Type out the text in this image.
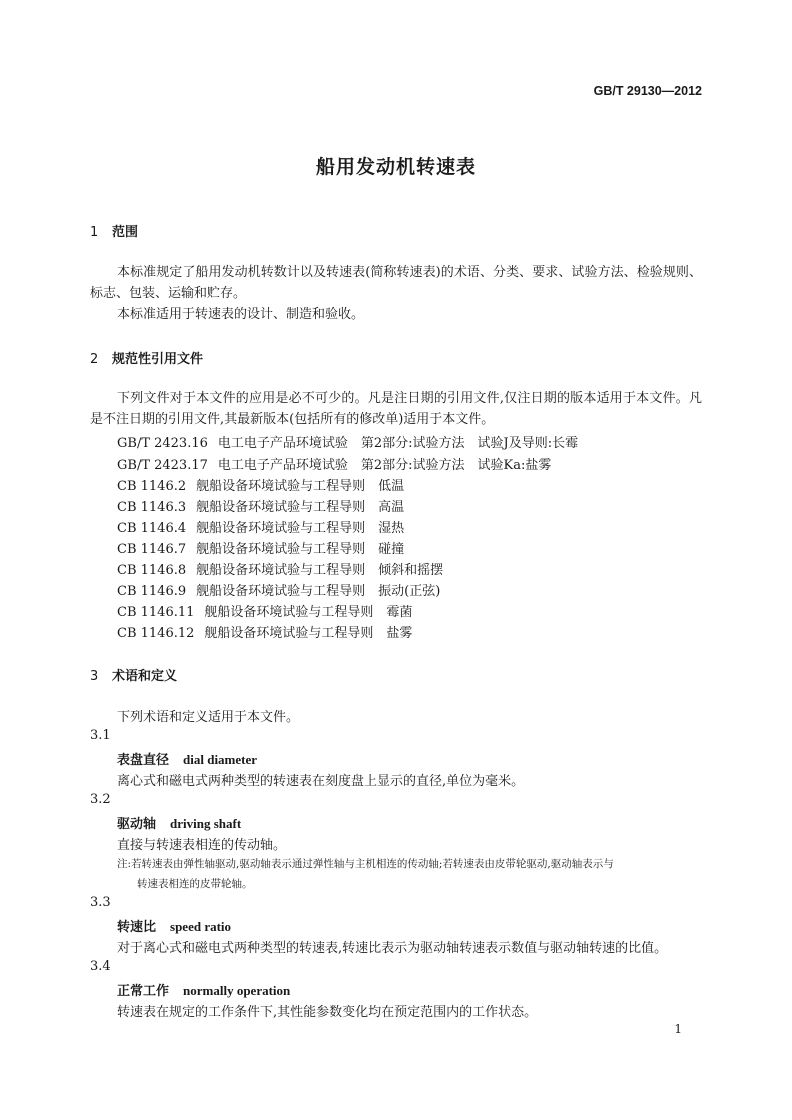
GB/T 29130—2012
船用发动机转速表
1 范围
本标准规定了船用发动机转数计以及转速表(简称转速表)的术语、分类、要求、试验方法、检验规则、标志、包装、运输和贮存。
本标准适用于转速表的设计、制造和验收。
2 规范性引用文件
下列文件对于本文件的应用是必不可少的。凡是注日期的引用文件,仅注日期的版本适用于本文件。凡是不注日期的引用文件,其最新版本(包括所有的修改单)适用于本文件。
GB/T 2423.16 电工电子产品环境试验　第2部分:试验方法　试验J及导则:长霉
GB/T 2423.17 电工电子产品环境试验　第2部分:试验方法　试验Ka:盐雾
CB 1146.2 舰船设备环境试验与工程导则　低温
CB 1146.3 舰船设备环境试验与工程导则　高温
CB 1146.4 舰船设备环境试验与工程导则　湿热
CB 1146.7 舰船设备环境试验与工程导则　碰撞
CB 1146.8 舰船设备环境试验与工程导则　倾斜和摇摆
CB 1146.9 舰船设备环境试验与工程导则　振动(正弦)
CB 1146.11 舰船设备环境试验与工程导则　霉菌
CB 1146.12 舰船设备环境试验与工程导则　盐雾
3 术语和定义
下列术语和定义适用于本文件。
3.1
表盘直径 dial diameter
离心式和磁电式两种类型的转速表在刻度盘上显示的直径,单位为毫米。
3.2
驱动轴 driving shaft
直接与转速表相连的传动轴。
注:若转速表由弹性轴驱动,驱动轴表示通过弹性轴与主机相连的传动轴;若转速表由皮带轮驱动,驱动轴表示与
转速表相连的皮带轮轴。
3.3
转速比 speed ratio
对于离心式和磁电式两种类型的转速表,转速比表示为驱动轴转速表示数值与驱动轴转速的比值。
3.4
正常工作 normally operation
转速表在规定的工作条件下,其性能参数变化均在预定范围内的工作状态。
1
